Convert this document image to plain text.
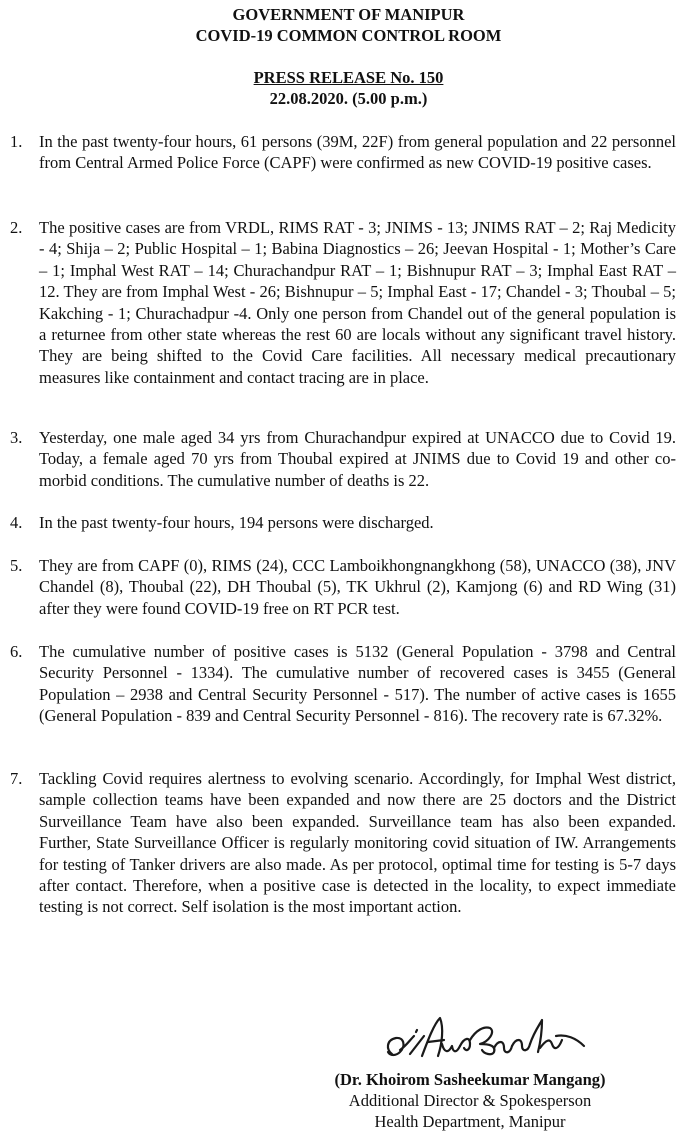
GOVERNMENT OF MANIPUR
COVID-19 COMMON CONTROL ROOM
PRESS RELEASE No. 150
22.08.2020. (5.00 p.m.)
1.	In the past twenty-four hours, 61 persons (39M, 22F) from general population and 22 personnel from Central Armed Police Force (CAPF) were confirmed as new COVID-19 positive cases.
2.	The positive cases are from VRDL, RIMS RAT - 3; JNIMS - 13; JNIMS RAT – 2; Raj Medicity - 4; Shija – 2; Public Hospital – 1; Babina Diagnostics – 26; Jeevan Hospital - 1; Mother’s Care – 1; Imphal West RAT – 14; Churachandpur RAT – 1; Bishnupur RAT – 3; Imphal East RAT – 12. They are from Imphal West - 26; Bishnupur – 5; Imphal East - 17; Chandel - 3; Thoubal – 5; Kakching - 1; Churachadpur -4. Only one person from Chandel out of the general population is a returnee from other state whereas the rest 60 are locals without any significant travel history. They are being shifted to the Covid Care facilities. All necessary medical precautionary measures like containment and contact tracing are in place.
3.	Yesterday, one male aged 34 yrs from Churachandpur expired at UNACCO due to Covid 19. Today, a female aged 70 yrs from Thoubal expired at JNIMS due to Covid 19 and other co-morbid conditions. The cumulative number of deaths is 22.
4.	In the past twenty-four hours, 194 persons were discharged.
5.	They are from CAPF (0), RIMS (24), CCC Lamboikhongnangkhong (58), UNACCO (38), JNV Chandel (8), Thoubal (22), DH Thoubal (5), TK Ukhrul (2), Kamjong (6) and RD Wing (31) after they were found COVID-19 free on RT PCR test.
6.	The cumulative number of positive cases is 5132 (General Population - 3798 and Central Security Personnel - 1334). The cumulative number of recovered cases is 3455 (General Population – 2938 and Central Security Personnel - 517). The number of active cases is 1655 (General Population - 839 and Central Security Personnel - 816). The recovery rate is 67.32%.
7.	Tackling Covid requires alertness to evolving scenario. Accordingly, for Imphal West district, sample collection teams have been expanded and now there are 25 doctors and the District Surveillance Team have also been expanded. Surveillance team has also been expanded. Further, State Surveillance Officer is regularly monitoring covid situation of IW. Arrangements for testing of Tanker drivers are also made. As per protocol, optimal time for testing is 5-7 days after contact. Therefore, when a positive case is detected in the locality, to expect immediate testing is not correct. Self isolation is the most important action.
(Dr. Khoirom Sasheekumar Mangang)
Additional Director & Spokesperson
Health Department, Manipur
